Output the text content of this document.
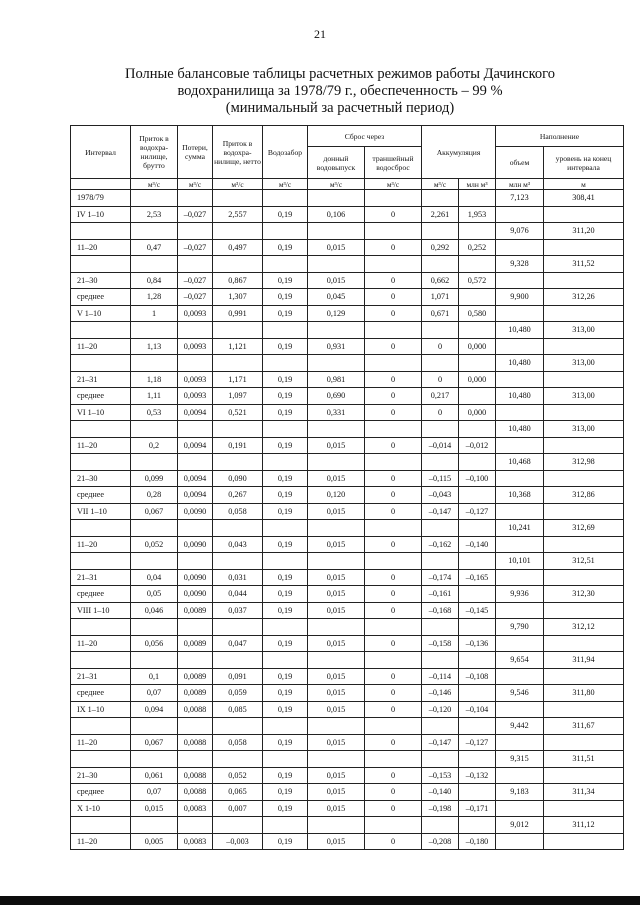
21
Полные балансовые таблицы расчетных режимов работы Дачинского
водохранилища за 1978/79 г., обеспеченность – 99 %
(минимальный за расчетный период)
Интервал	Приток в водохра-нилище, брутто	Потери, сумма	Приток в водохра-нилище, нетто	Водозабор	Сброс через		Аккумуляция		Наполнение	
					донный водовыпуск	траншейный водосброс			объем	уровень на конец интервала
	м³/с	м³/с	м³/с	м³/с	м³/с	м³/с	м³/с	млн м³	млн м³	м
1978/79									7,123	308,41
IV 1–10	2,53	–0,027	2,557	0,19	0,106	0	2,261	1,953		
									9,076	311,20
11–20	0,47	–0,027	0,497	0,19	0,015	0	0,292	0,252		
									9,328	311,52
21–30	0,84	–0,027	0,867	0,19	0,015	0	0,662	0,572		
среднее	1,28	–0,027	1,307	0,19	0,045	0	1,071		9,900	312,26
V 1–10	1	0,0093	0,991	0,19	0,129	0	0,671	0,580		
									10,480	313,00
11–20	1,13	0,0093	1,121	0,19	0,931	0	0	0,000		
									10,480	313,00
21–31	1,18	0,0093	1,171	0,19	0,981	0	0	0,000		
среднее	1,11	0,0093	1,097	0,19	0,690	0	0,217		10,480	313,00
VI 1–10	0,53	0,0094	0,521	0,19	0,331	0	0	0,000		
									10,480	313,00
11–20	0,2	0,0094	0,191	0,19	0,015	0	–0,014	–0,012		
									10,468	312,98
21–30	0,099	0,0094	0,090	0,19	0,015	0	–0,115	–0,100		
среднее	0,28	0,0094	0,267	0,19	0,120	0	–0,043		10,368	312,86
VII 1–10	0,067	0,0090	0,058	0,19	0,015	0	–0,147	–0,127		
									10,241	312,69
11–20	0,052	0,0090	0,043	0,19	0,015	0	–0,162	–0,140		
									10,101	312,51
21–31	0,04	0,0090	0,031	0,19	0,015	0	–0,174	–0,165		
среднее	0,05	0,0090	0,044	0,19	0,015	0	–0,161		9,936	312,30
VIII 1–10	0,046	0,0089	0,037	0,19	0,015	0	–0,168	–0,145		
									9,790	312,12
11–20	0,056	0,0089	0,047	0,19	0,015	0	–0,158	–0,136		
									9,654	311,94
21–31	0,1	0,0089	0,091	0,19	0,015	0	–0,114	–0,108		
среднее	0,07	0,0089	0,059	0,19	0,015	0	–0,146		9,546	311,80
IX 1–10	0,094	0,0088	0,085	0,19	0,015	0	–0,120	–0,104		
									9,442	311,67
11–20	0,067	0,0088	0,058	0,19	0,015	0	–0,147	–0,127		
									9,315	311,51
21–30	0,061	0,0088	0,052	0,19	0,015	0	–0,153	–0,132		
среднее	0,07	0,0088	0,065	0,19	0,015	0	–0,140		9,183	311,34
X 1-10	0,015	0,0083	0,007	0,19	0,015	0	–0,198	–0,171		
									9,012	311,12
11–20	0,005	0,0083	–0,003	0,19	0,015	0	–0,208	–0,180		
